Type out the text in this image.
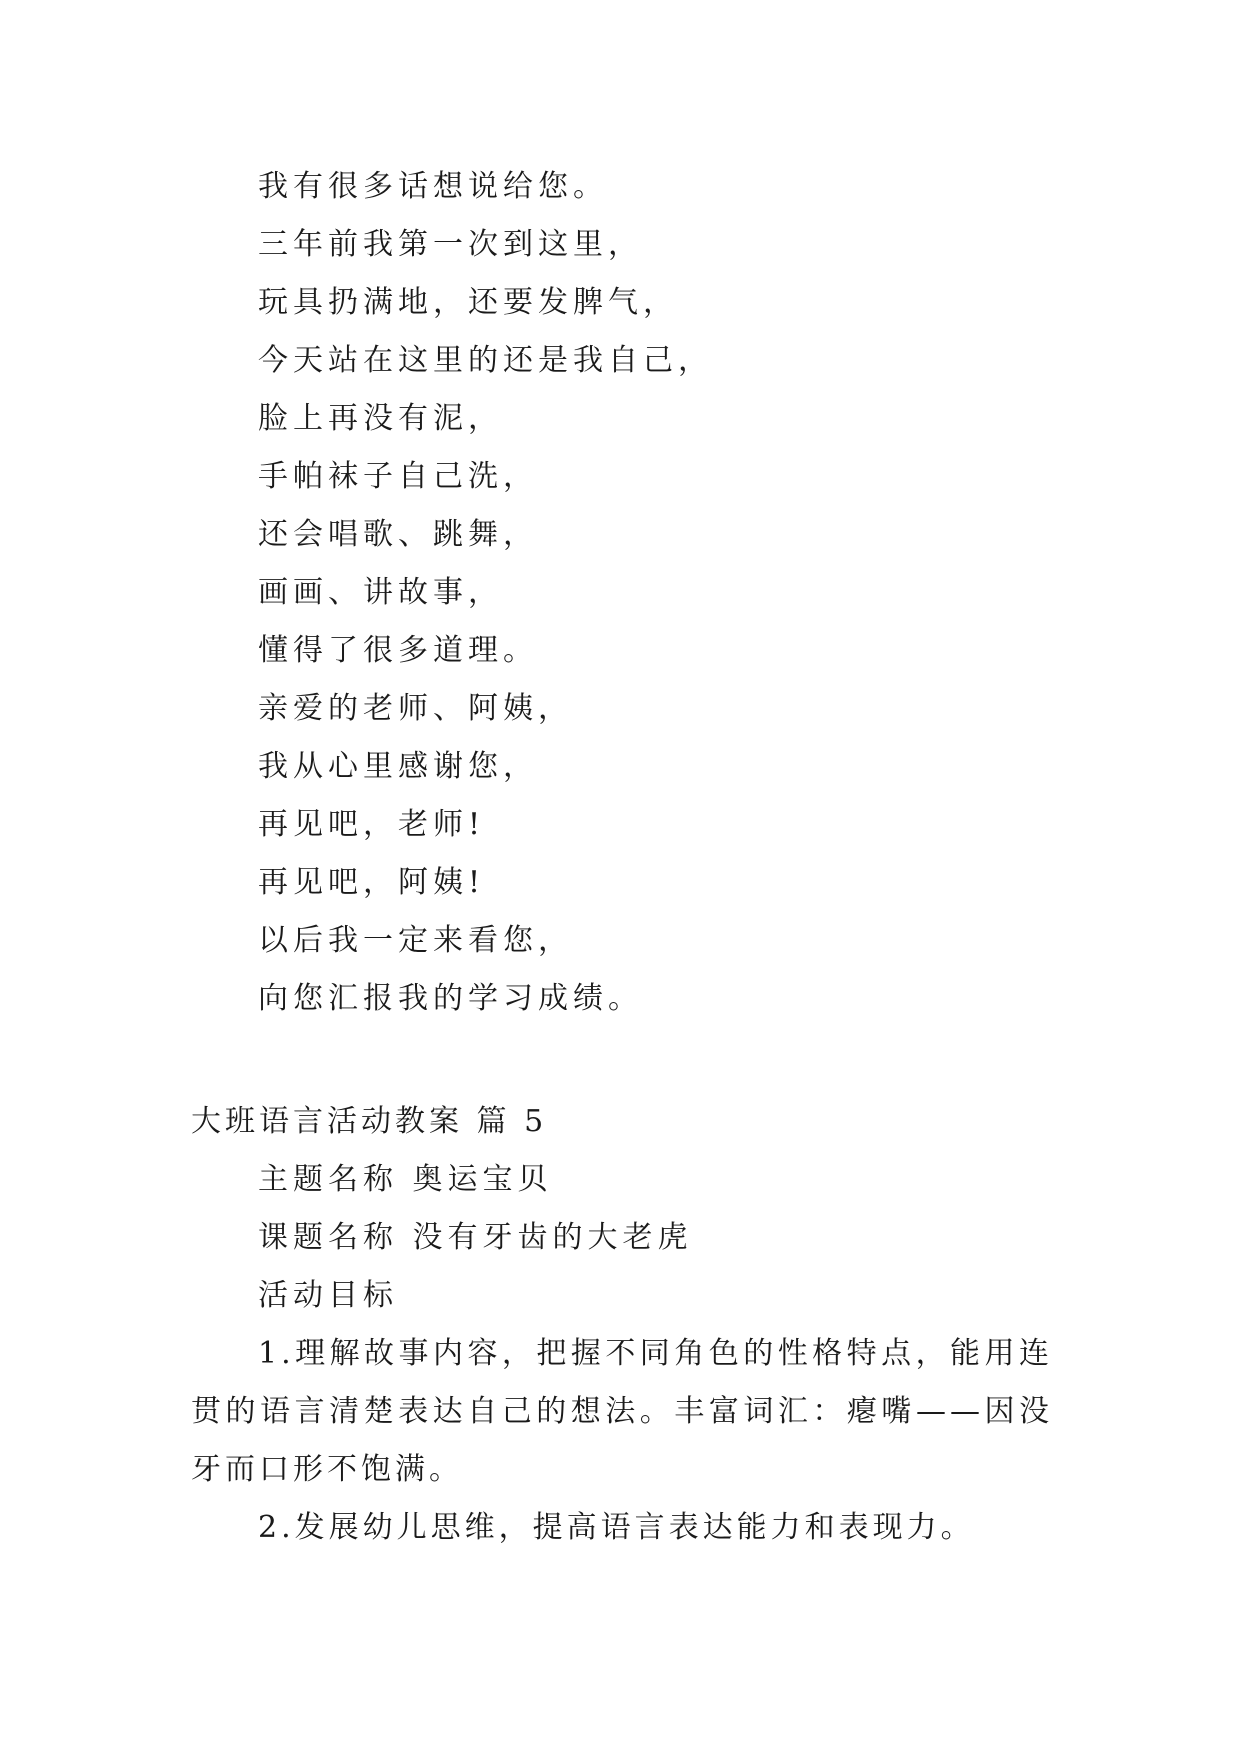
我有很多话想说给您。
三年前我第一次到这里，
玩具扔满地，还要发脾气，
今天站在这里的还是我自己，
脸上再没有泥，
手帕袜子自己洗，
还会唱歌、跳舞，
画画、讲故事，
懂得了很多道理。
亲爱的老师、阿姨，
我从心里感谢您，
再见吧，老师!
再见吧，阿姨!
以后我一定来看您，
向您汇报我的学习成绩。
大班语言活动教案 篇 5
主题名称 奥运宝贝
课题名称 没有牙齿的大老虎
活动目标

1.理解故事内容，把握不同角色的性格特点，能用连贯的语言清楚表达自己的想法。丰富词汇：瘪嘴——因没牙而口形不饱满。

2.发展幼儿思维，提高语言表达能力和表现力。
